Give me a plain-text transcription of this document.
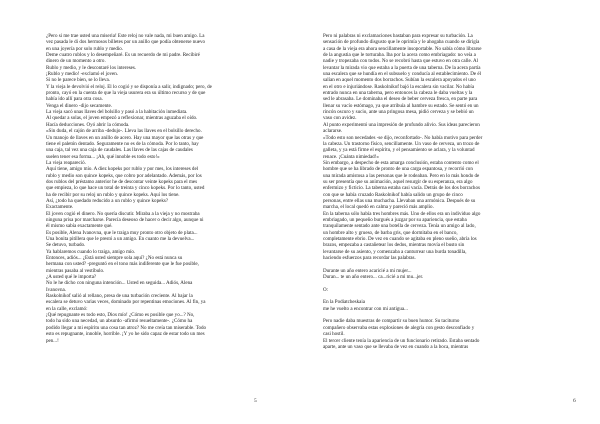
¿Pero si me trae usted una miseria! Este reloj no vale nada, mi buen amigo. La

vez pasada le di dos hermosos billetes por un anillo que podía obtenerse nuevo

en una joyería por solo rublo y medio.

Deme cuatro rublos y lo desempeñaré. Es un recuerdo de mi padre. Recibiré

dinero de un momento a otro.

Rublo y medio, y le descontaré los intereses.

¡Rublo y medio! -exclamó el joven.

Si no le parece bien, se lo lleva.

Y la vieja le devolvió el reloj. El lo cogió y se disponía a salir, indignado; pero, de

pronto, cayó en la cuenta de que la vieja usurera era su último recurso y de que

había ido allí para otra cosa.

Venga el dinero -dijo secamente.

La vieja sacó unas llaves del bolsillo y pasó a la habitación inmediata.

Al quedar a solas, el joven empezó a reflexionar, mientras aguzaba el oído.

Hacía deducciones. Oyó abrir la cómoda.

«Sin duda, el cajón de arriba -dedujo-. Lleva las llaves en el bolsillo derecho.

Un manojo de llaves en un anillo de acero. Hay una mayor que las otras y que

tiene el paletón dentado. Seguramente no es de la cómoda. Por lo tanto, hay

una caja, tal vez una caja de caudales. Las llaves de las cajas de caudales

suelen tener esa forma... ¡Ah, qué innoble es todo esto!»

La vieja reapareció.

Aquí tiene, amigo mío. A diez kopeks por rublo y por mes, los intereses del

rublo y medio son quince kopeks, que cobro por adelantado. Además, por los

dos rublos del préstamo anterior he de descontar veinte kopeks para el mes

que empieza, lo que hace un total de treinta y cinco kopeks. Por lo tanto, usted

ha de recibir por su reloj un rublo y quince kopeks. Aquí los tiene.

Así, ¿todo ha quedado reducido a un rublo y quince kopeks?

Exactamente.

El joven cogió el dinero. No quería discutir. Miraba a la vieja y no mostraba

ninguna prisa por marcharse. Parecía deseoso de hacer o decir algo, aunque ni

él mismo sabía exactamente qué.

Es posible, Alena Ivanovna, que le traiga muy pronto otro objeto de plata...

Una bonita pitillera que le prestó a un amigo. En cuanto me la devuelva...

Se detuvo, turbado.

Ya hablaremos cuando lo traiga, amigo mío.

Entonces, adiós... ¿Está usted siempre sola aquí? ¿No está nunca su

hermana con usted? -preguntó en el tono más indiferente que le fue posible,

mientras pasaba al vestíbulo.

¿A usted qué le importa?

No le he dicho con ninguna intención... Usted en seguida... Adiós, Alena

Ivanovna.

Raskolnikof salió al rellano, presa de una turbación creciente. Al bajar la

escalera se detuvo varias veces, dominado por repentinas emociones. Al fin, ya

en la calle, exclamó:

¡Qué repugnante es todo esto, Dios mío! ¿Cómo es posible que yo...? No,

todo ha sido una necedad, un absurdo -afirmó resueltamente-. ¿Cómo ha

podido llegar a mi espíritu una cosa tan atroz? No me creía tan miserable. Todo

esto es repugnante, innoble, horrible. ¡Y yo he sido capaz de estar todo un mes

pen...!

5

Pero ni palabras ni exclamaciones bastaban para expresar su turbación. La

sensación de profundo disgusto que le oprimía y le ahogaba cuando se dirigía

a casa de la vieja era ahora sencillamente insoportable. No sabía cómo librarse

de la angustia que le torturaba. Iba por la acera como embriagado: no veía a

nadie y tropezaba con todos. No se recobró hasta que estuvo en otra calle. Al

levantar la mirada vio que estaba a la puerta de una taberna. De la acera partía

una escalera que se hundía en el subsuelo y conducía al establecimiento. De él

salían en aquel momento dos borrachos. Subían la escalera apoyados el uno

en el otro e injuriándose. Raskolnikof bajó la escalera sin vacilar. No había

entrado nunca en una taberna, pero entonces la cabeza le daba vueltas y la

sed le abrasaba. Le dominaba el deseo de beber cerveza fresca, en parte para

llenar su vacío estómago, ya que atribuía al hambre su estado. Se sentó en un

rincón oscuro y sucio, ante una pringosa mesa, pidió cerveza y se bebió un

vaso con avidez.

Al punto experimentó una impresión de profundo alivio. Sus ideas parecieron

aclararse.

«Todo esto son necedades -se dijo, reconfortado-. No había motivo para perder

la cabeza. Un trastorno físico, sencillamente. Un vaso de cerveza, un trozo de

galleta, y ya está firme el espíritu, y el pensamiento se aclara, y la voluntad

renace. ¡Cuánta nimiedad!»

Sin embargo, a despecho de esta amarga conclusión, estaba contento como el

hombre que se ha librado de pronto de una carga espantosa, y recorrió con

una mirada amistosa a las personas que le rodeaban. Pero en lo más hondo de

su ser presentía que su animación, aquel resurgir de su esperanza, era algo

enfermizo y ficticio. La taberna estaba casi vacía. Detrás de los dos borrachos

con que se había cruzado Raskolnikof había salido un grupo de cinco

personas, entre ellas una muchacha. Llevaban una armónica. Después de su

marcha, el local quedó en calma y pareció más amplio.

En la taberna sólo había tres hombres más. Uno de ellos era un individuo algo

embriagado, un pequeño burgués a juzgar por su apariencia, que estaba

tranquilamente sentado ante una botella de cerveza. Tenía un amigo al lado,

un hombre alto y grueso, de barba gris, que dormitaba en el banco,

completamente ebrio. De vez en cuando se agitaba en pleno sueño, abría los

brazos, empezaba a castañetear los dedos, mientras movía el busto sin

levantarse de su asiento, y comenzaba a canturrear una burda tonadilla,

haciendo esfuerzos para recordar las palabras.

Durante un año entero acaricié a mi mujer...

Duran... te un año entero... ca...ricié a mi mu...jer.

O:

En la Podiatcheskaia

me he vuelto a encontrar con mi antigua...

Pero nadie daba muestras de compartir su buen humor. Su taciturno

compañero observaba estas explosiones de alegría con gesto desconfiado y

casi hostil.

El tercer cliente tenía la apariencia de un funcionario retirado. Estaba sentado

aparte, ante un vaso que se llevaba de vez en cuando a la boca, mientras

6
